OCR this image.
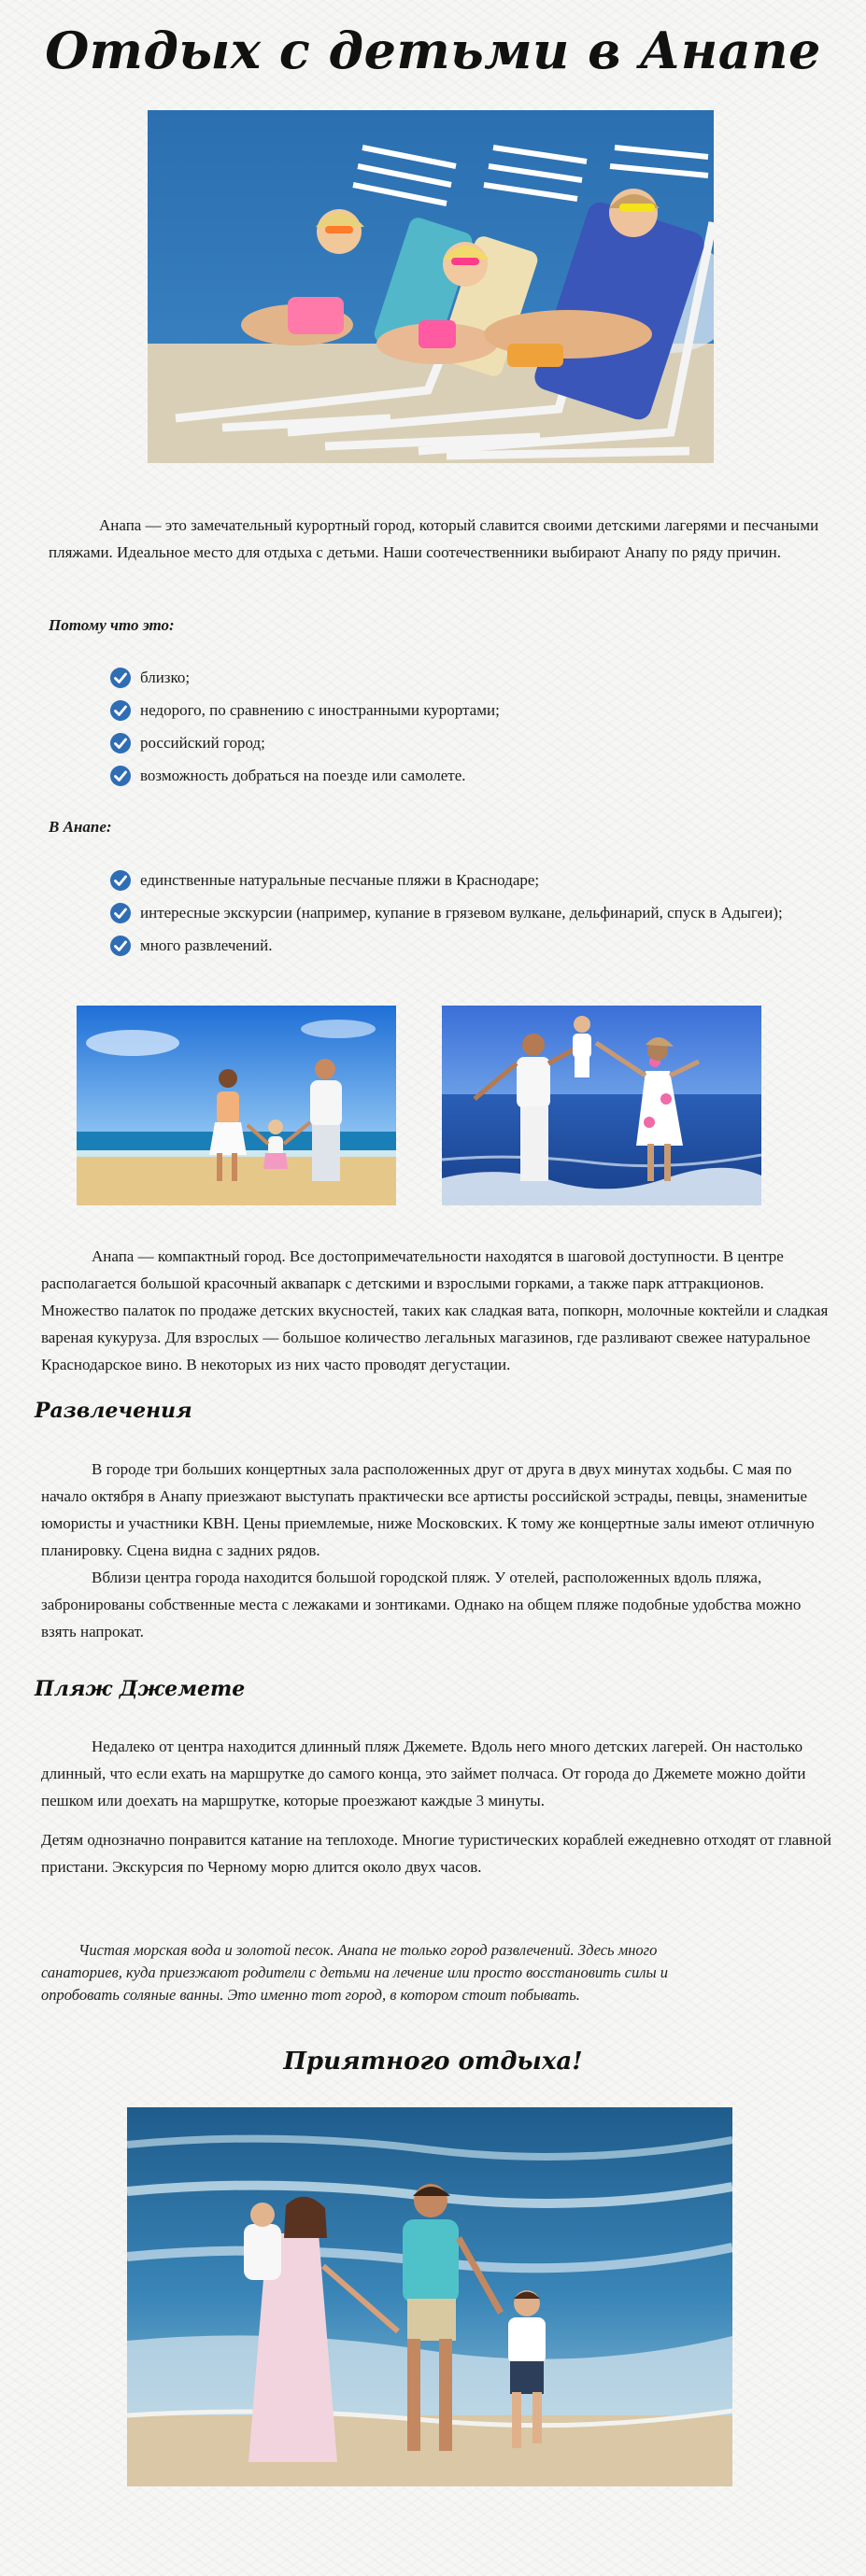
Отдых с детьми в Анапе

Анапа — это замечательный курортный город, который славится своими детскими лагерями и песчаными пляжами. Идеальное место для отдыха с детьми. Наши соотечественники выбирают Анапу по ряду причин.

Потому что это:
близко;
недорого, по сравнению с иностранными курортами;
российский город;
возможность добраться на поезде или самолете.
В Анапе:
единственные натуральные песчаные пляжи в Краснодаре;
интересные экскурсии (например, купание в грязевом вулкане, дельфинарий, спуск в Адыгеи);
много развлечений.

Анапа — компактный город. Все достопримечательности находятся в шаговой доступности. В центре располагается большой красочный аквапарк с детскими и взрослыми горками, а также парк аттракционов. Множество палаток по продаже детских вкусностей, таких как сладкая вата, попкорн, молочные коктейли и сладкая вареная кукуруза. Для взрослых — большое количество легальных магазинов, где разливают свежее натуральное Краснодарское вино. В некоторых из них часто проводят дегустации.

Развлечения

В городе три больших концертных зала расположенных друг от друга в двух минутах ходьбы. С мая по начало октября в Анапу приезжают выступать практически все артисты российской эстрады, певцы, знаменитые юмористы и участники КВН. Цены приемлемые, ниже Московских. К тому же концертные залы имеют отличную планировку. Сцена видна с задних рядов.

Вблизи центра города находится большой городской пляж. У отелей, расположенных вдоль пляжа, забронированы собственные места с лежаками и зонтиками. Однако на общем пляже подобные удобства можно взять напрокат.

Пляж Джемете

Недалеко от центра находится длинный пляж Джемете. Вдоль него много детских лагерей. Он настолько длинный, что если ехать на маршрутке до самого конца, это займет полчаса. От города до Джемете можно дойти пешком или доехать на маршрутке, которые проезжают каждые 3 минуты.

Детям однозначно понравится катание на теплоходе. Многие туристических кораблей ежедневно отходят от главной пристани. Экскурсия по Черному морю длится около двух часов.

Чистая морская вода и золотой песок. Анапа не только город развлечений. Здесь много санаториев, куда приезжают родители с детьми на лечение или просто восстановить силы и опробовать соляные ванны. Это именно тот город, в котором стоит побывать.
Приятного отдыха!
